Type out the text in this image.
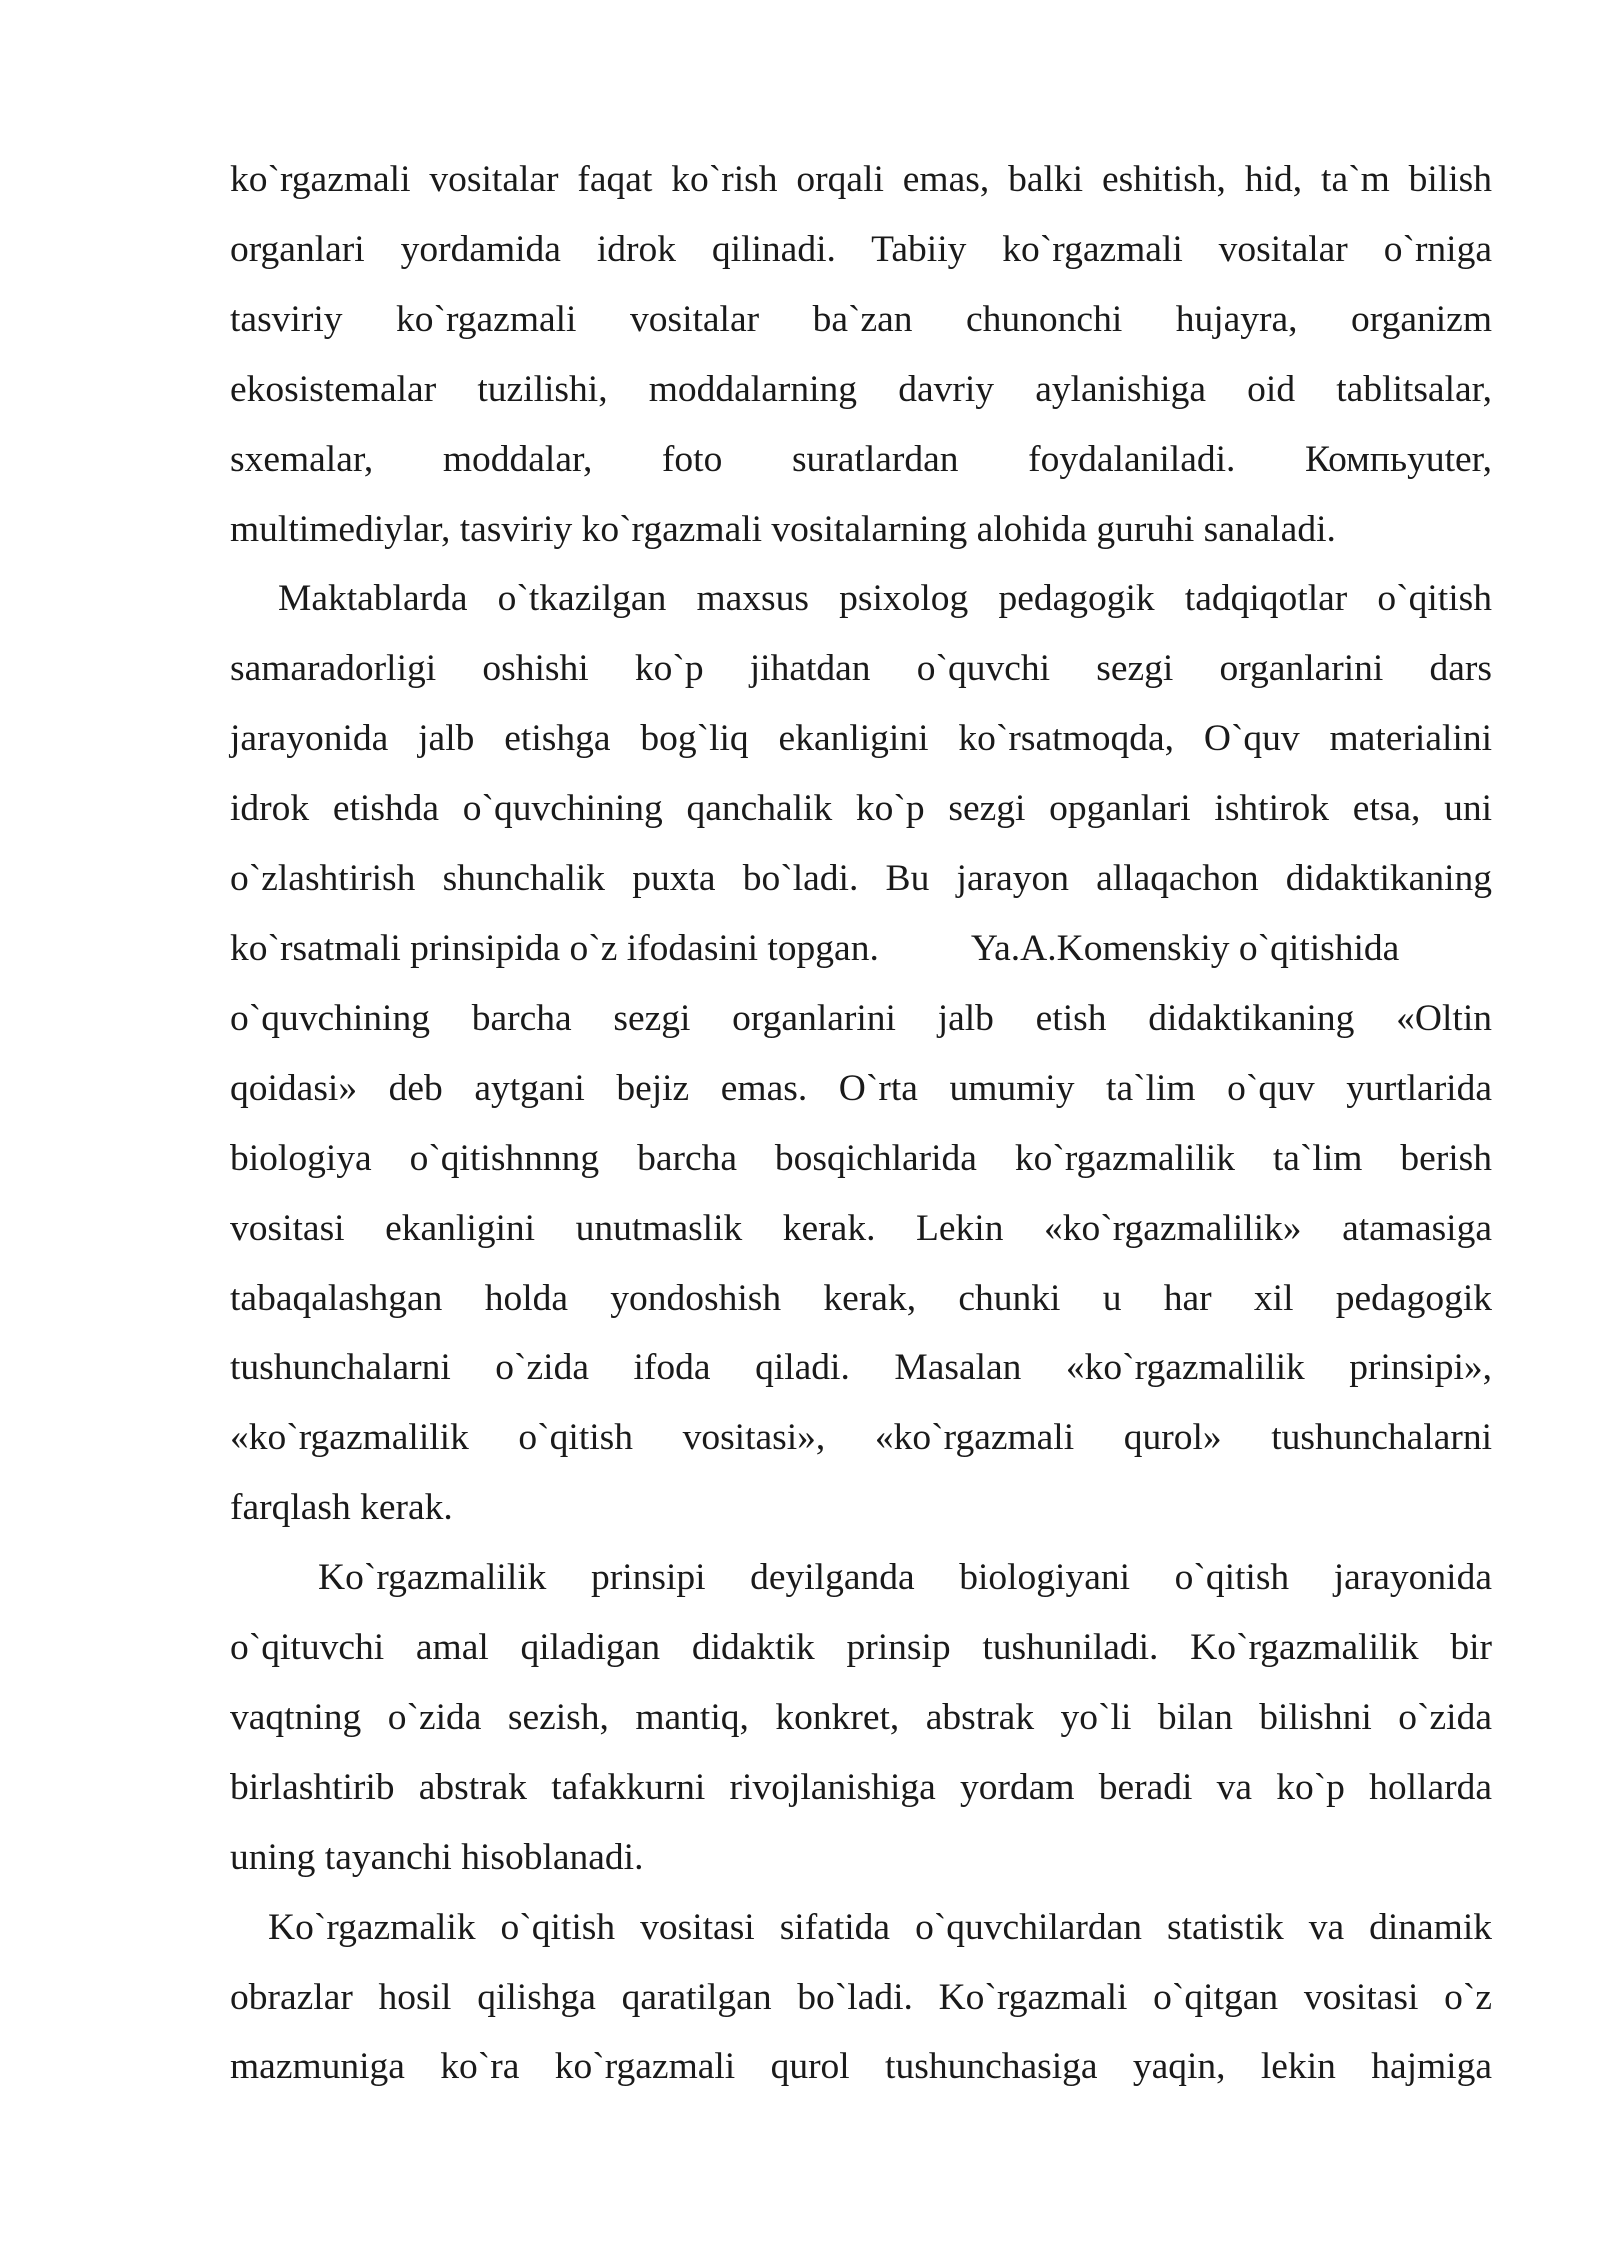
ko`rgazmali vositalar faqat ko`rish orqali emas, balki eshitish, hid, ta`m bilish
organlari yordamida idrok qilinadi. Tabiiy ko`rgazmali vositalar o`rniga
tasviriy ko`rgazmali vositalar ba`zan chunonchi hujayra, organizm
ekosistemalar tuzilishi, moddalarning davriy aylanishiga oid tablitsalar,
sxemalar, moddalar, foto suratlardan foydalaniladi. Компьyuter,
multimediylar, tasviriy ko`rgazmali vositalarning alohida guruhi sanaladi.
Maktablarda o`tkazilgan maxsus psixolog pedagogik tadqiqotlar o`qitish
samaradorligi oshishi ko`p jihatdan o`quvchi sezgi organlarini dars
jarayonida jalb etishga bog`liq ekanligini ko`rsatmoqda, O`quv materialini
idrok etishda o`quvchining qanchalik ko`p sezgi opganlari ishtirok etsa, uni
o`zlashtirish shunchalik puxta bo`ladi. Bu jarayon allaqachon didaktikaning
ko`rsatmali prinsipida o`z ifodasini topgan. Ya.A.Komenskiy o`qitishida
o`quvchining barcha sezgi organlarini jalb etish didaktikaning «Oltin
qoidasi» deb aytgani bejiz emas. O`rta umumiy ta`lim o`quv yurtlarida
biologiya o`qitishnnng barcha bosqichlarida ko`rgazmalilik ta`lim berish
vositasi ekanligini unutmaslik kerak. Lekin «ko`rgazmalilik» atamasiga
tabaqalashgan holda yondoshish kerak, chunki u har xil pedagogik
tushunchalarni o`zida ifoda qiladi. Masalan «ko`rgazmalilik prinsipi»,
«ko`rgazmalilik o`qitish vositasi», «ko`rgazmali qurol» tushunchalarni
farqlash kerak.
Ko`rgazmalilik prinsipi deyilganda biologiyani o`qitish jarayonida
o`qituvchi amal qiladigan didaktik prinsip tushuniladi. Ko`rgazmalilik bir
vaqtning o`zida sezish, mantiq, konkret, abstrak yo`li bilan bilishni o`zida
birlashtirib abstrak tafakkurni rivojlanishiga yordam beradi va ko`p hollarda
uning tayanchi hisoblanadi.
Ko`rgazmalik o`qitish vositasi sifatida o`quvchilardan statistik va dinamik
obrazlar hosil qilishga qaratilgan bo`ladi. Ko`rgazmali o`qitgan vositasi o`z
mazmuniga ko`ra ko`rgazmali qurol tushunchasiga yaqin, lekin hajmiga
